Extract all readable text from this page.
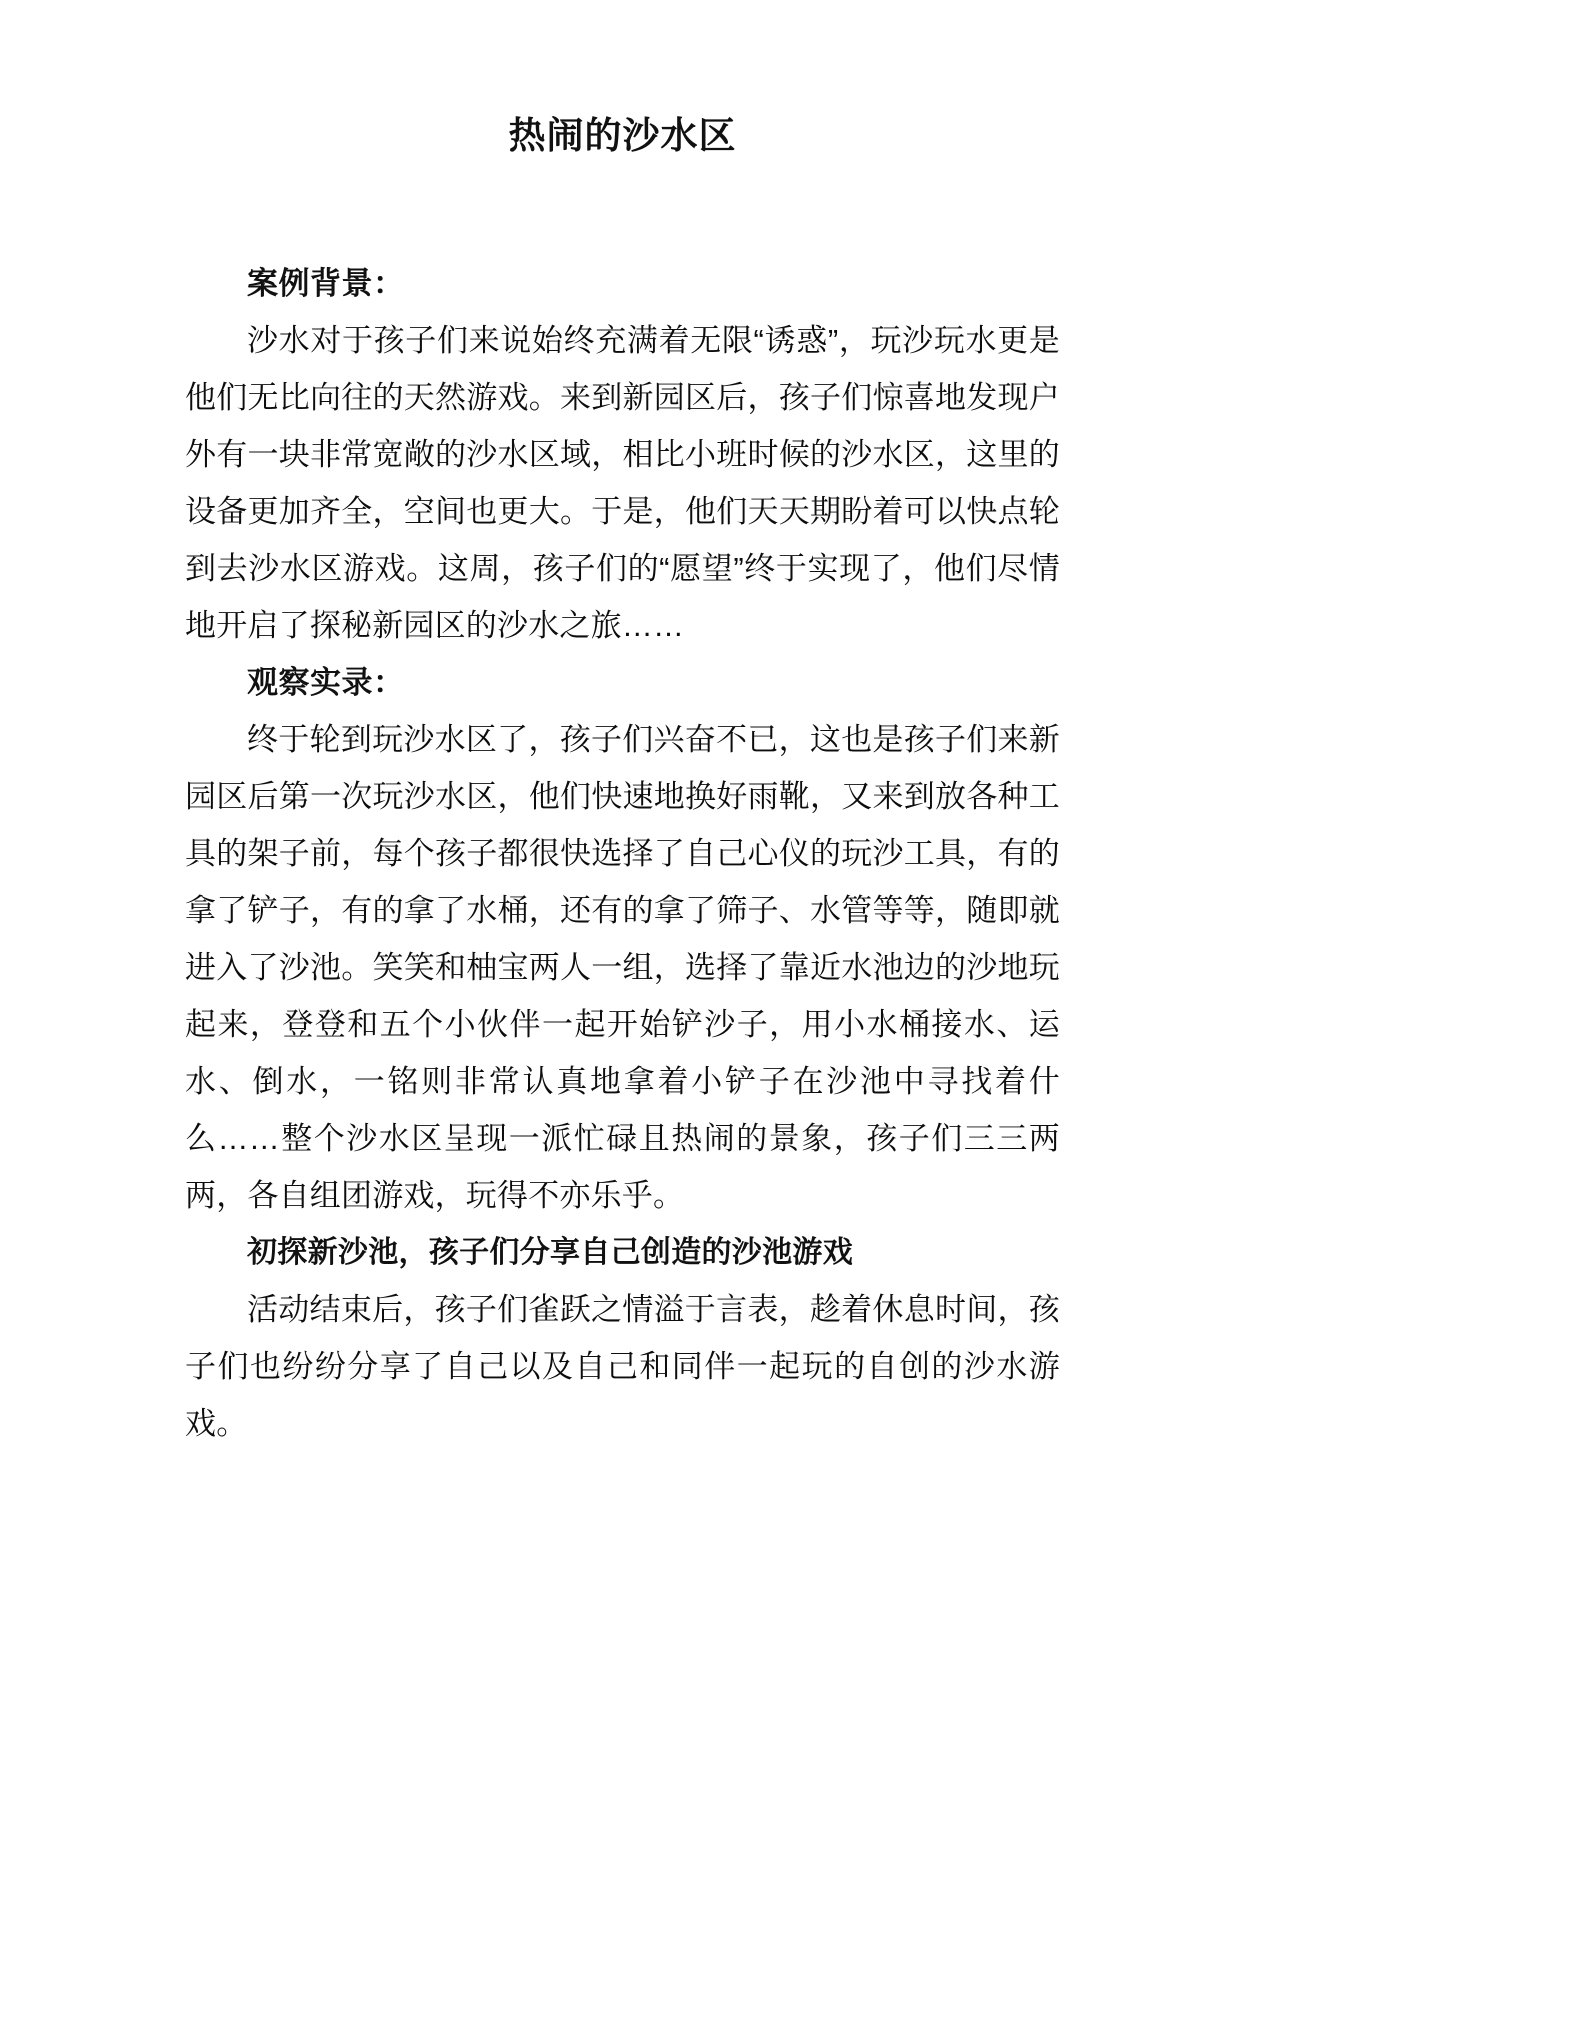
热闹的沙水区
案例背景：

沙水对于孩子们来说始终充满着无限“诱惑”，玩沙玩水更是他们无比向往的天然游戏。来到新园区后，孩子们惊喜地发现户外有一块非常宽敞的沙水区域，相比小班时候的沙水区，这里的设备更加齐全，空间也更大。于是，他们天天期盼着可以快点轮到去沙水区游戏。这周，孩子们的“愿望”终于实现了，他们尽情地开启了探秘新园区的沙水之旅……

观察实录：

终于轮到玩沙水区了，孩子们兴奋不已，这也是孩子们来新园区后第一次玩沙水区，他们快速地换好雨靴，又来到放各种工具的架子前，每个孩子都很快选择了自己心仪的玩沙工具，有的拿了铲子，有的拿了水桶，还有的拿了筛子、水管等等，随即就进入了沙池。笑笑和柚宝两人一组，选择了靠近水池边的沙地玩起来，登登和五个小伙伴一起开始铲沙子，用小水桶接水、运水、倒水，一铭则非常认真地拿着小铲子在沙池中寻找着什么……整个沙水区呈现一派忙碌且热闹的景象，孩子们三三两两，各自组团游戏，玩得不亦乐乎。

初探新沙池，孩子们分享自己创造的沙池游戏

活动结束后，孩子们雀跃之情溢于言表，趁着休息时间，孩子们也纷纷分享了自己以及自己和同伴一起玩的自创的沙水游戏。
